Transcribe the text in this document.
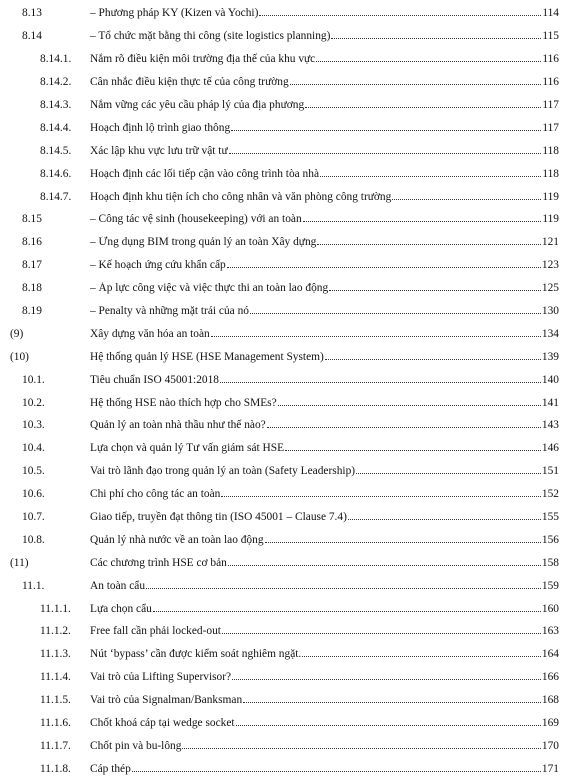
8.13	– Phương pháp KY (Kizen và Yochi)	114
8.14	– Tổ chức mặt bằng thi công (site logistics planning)	115
8.14.1. Nắm rõ điều kiện môi trường địa thế của khu vực	116
8.14.2. Cân nhắc điều kiện thực tế của công trường	116
8.14.3. Nắm vững các yêu cầu pháp lý của địa phương	117
8.14.4. Hoạch định lộ trình giao thông	117
8.14.5. Xác lập khu vực lưu trữ vật tư	118
8.14.6. Hoạch định các lối tiếp cận vào công trình tòa nhà	118
8.14.7. Hoạch định khu tiện ích cho công nhân và văn phòng công trường	119
8.15	– Công tác vệ sinh (housekeeping) với an toàn	119
8.16	– Ứng dụng BIM trong quản lý an toàn Xây dựng	121
8.17	– Kế hoạch ứng cứu khẩn cấp	123
8.18	– Áp lực công việc và việc thực thi an toàn lao động	125
8.19	– Penalty và những mặt trái của nó	130
(9)	Xây dựng văn hóa an toàn	134
(10)	Hệ thống quản lý HSE (HSE Management System)	139
10.1.	Tiêu chuẩn ISO 45001:2018	140
10.2.	Hệ thống HSE nào thích hợp cho SMEs?	141
10.3.	Quản lý an toàn nhà thầu như thế nào?	143
10.4.	Lựa chọn và quản lý Tư vấn giám sát HSE	146
10.5.	Vai trò lãnh đạo trong quản lý an toàn (Safety Leadership)	151
10.6.	Chi phí cho công tác an toàn	152
10.7.	Giao tiếp, truyền đạt thông tin (ISO 45001 – Clause 7.4)	155
10.8.	Quản lý nhà nước về an toàn lao động	156
(11)	Các chương trình HSE cơ bản	158
11.1.	An toàn cẩu	159
11.1.1. Lựa chọn cẩu	160
11.1.2. Free fall cần phải locked-out	163
11.1.3. Nút ‘bypass’ cần được kiểm soát nghiêm ngặt.	164
11.1.4. Vai trò của Lifting Supervisor?	166
11.1.5. Vai trò của Signalman/Banksman	168
11.1.6. Chốt khoá cáp tại wedge socket	169
11.1.7. Chốt pin và bu-lông	170
11.1.8. Cáp thép	171
